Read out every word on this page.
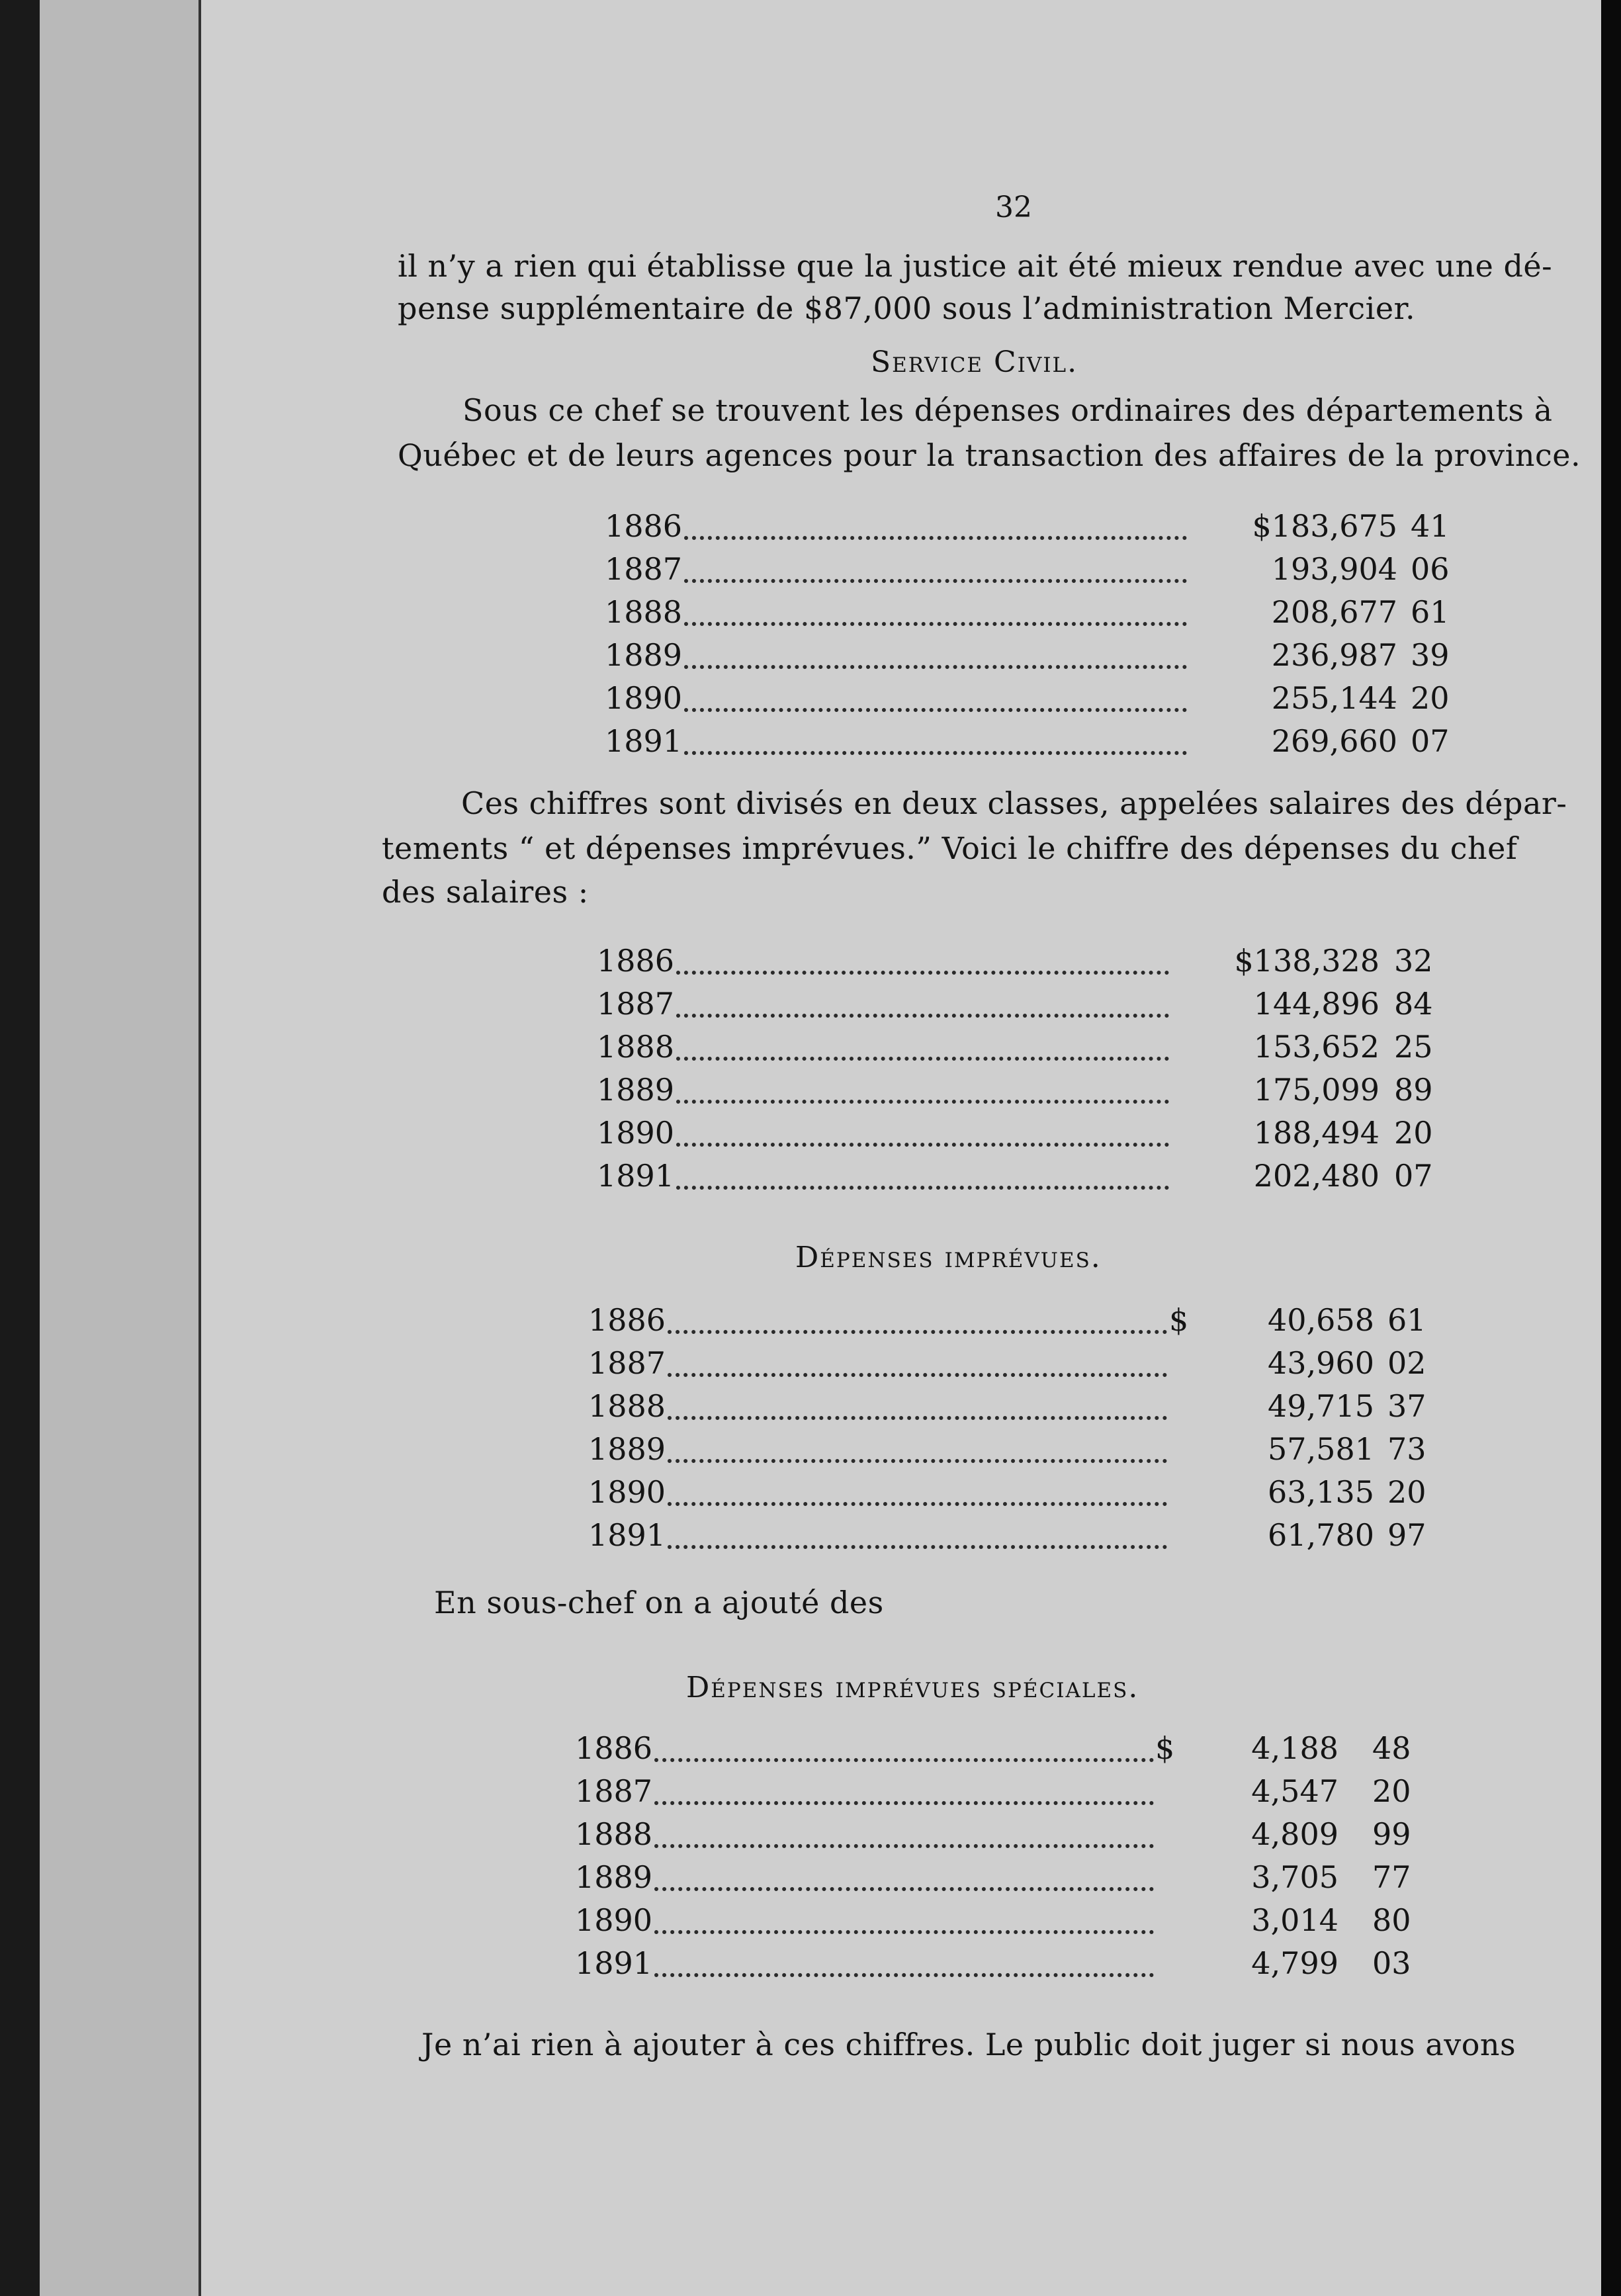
32
il n’y a rien qui établisse que la justice ait été mieux rendue avec une dé-
pense supplémentaire de $87,000 sous l’administration Mercier.
Service Civil.
Sous ce chef se trouvent les dépenses ordinaires des départements à
Québec et de leurs agences pour la transaction des affaires de la province.
1886	$183,675 41
1887	193,904 06
1888	208,677 61
1889	236,987 39
1890	255,144 20
1891	269,660 07
Ces chiffres sont divisés en deux classes, appelées salaires des dépar-
tements “ et dépenses imprévues.” Voici le chiffre des dépenses du chef
des salaires :
1886	$138,328 32
1887	144,896 84
1888	153,652 25
1889	175,099 89
1890	188,494 20
1891	202,480 07
Dépenses imprévues.
1886	$	40,658 61
1887	43,960 02
1888	49,715 37
1889	57,581 73
1890	63,135 20
1891	61,780 97
En sous-chef on a ajouté des
Dépenses imprévues spéciales.
1886	$	4,188 48
1887	4,547 20
1888	4,809 99
1889	3,705 77
1890	3,014 80
1891	4,799 03
Je n’ai rien à ajouter à ces chiffres. Le public doit juger si nous avons
